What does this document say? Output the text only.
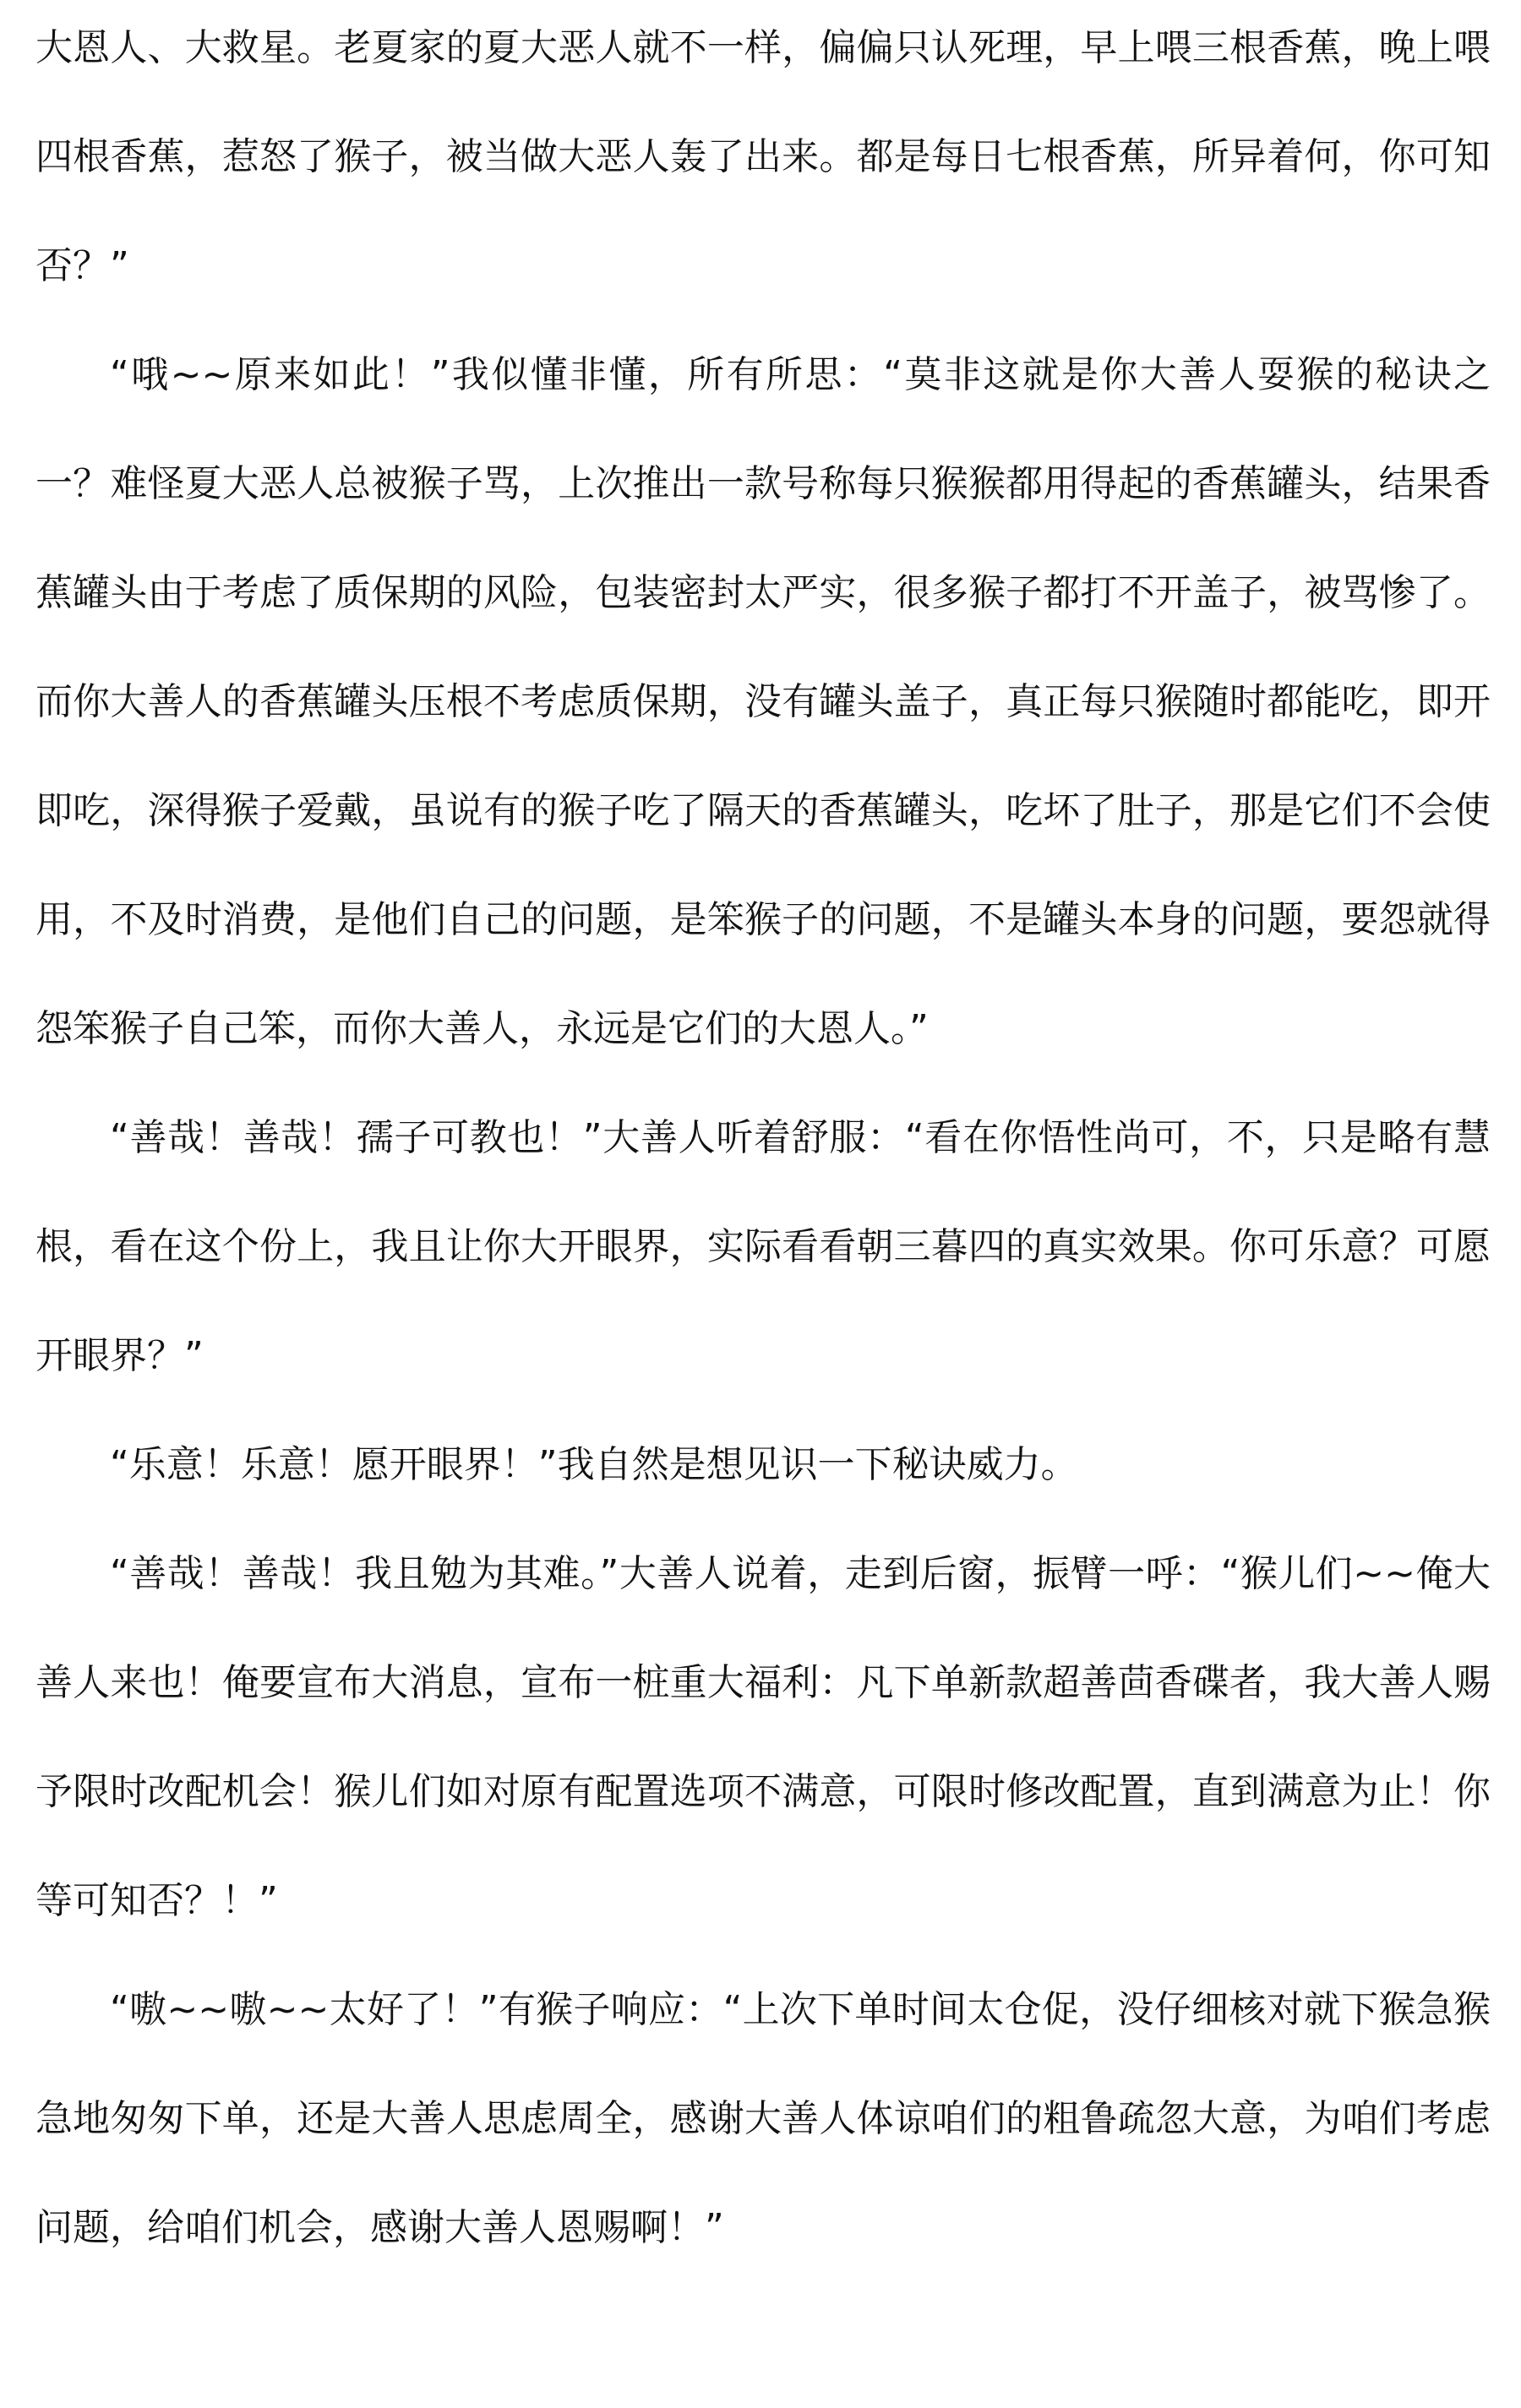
大恩人、大救星。老夏家的夏大恶人就不一样，偏偏只认死理，早上喂三根香蕉，晚上喂四根香蕉，惹怒了猴子，被当做大恶人轰了出来。都是每日七根香蕉，所异着何，你可知否？”

“哦~~原来如此！”我似懂非懂，所有所思：“莫非这就是你大善人耍猴的秘诀之一？难怪夏大恶人总被猴子骂，上次推出一款号称每只猴猴都用得起的香蕉罐头，结果香蕉罐头由于考虑了质保期的风险，包装密封太严实，很多猴子都打不开盖子，被骂惨了。而你大善人的香蕉罐头压根不考虑质保期，没有罐头盖子，真正每只猴随时都能吃，即开即吃，深得猴子爱戴，虽说有的猴子吃了隔天的香蕉罐头，吃坏了肚子，那是它们不会使用，不及时消费，是他们自己的问题，是笨猴子的问题，不是罐头本身的问题，要怨就得怨笨猴子自己笨，而你大善人，永远是它们的大恩人。”

“善哉！善哉！孺子可教也！”大善人听着舒服：“看在你悟性尚可，不，只是略有慧根，看在这个份上，我且让你大开眼界，实际看看朝三暮四的真实效果。你可乐意？可愿开眼界？”

“乐意！乐意！愿开眼界！”我自然是想见识一下秘诀威力。

“善哉！善哉！我且勉为其难。”大善人说着，走到后窗，振臂一呼：“猴儿们~~俺大善人来也！俺要宣布大消息，宣布一桩重大福利：凡下单新款超善茴香碟者，我大善人赐予限时改配机会！猴儿们如对原有配置选项不满意，可限时修改配置，直到满意为止！你等可知否？！”

“嗷~~嗷~~太好了！”有猴子响应：“上次下单时间太仓促，没仔细核对就下猴急猴急地匆匆下单，还是大善人思虑周全，感谢大善人体谅咱们的粗鲁疏忽大意，为咱们考虑问题，给咱们机会，感谢大善人恩赐啊！”
